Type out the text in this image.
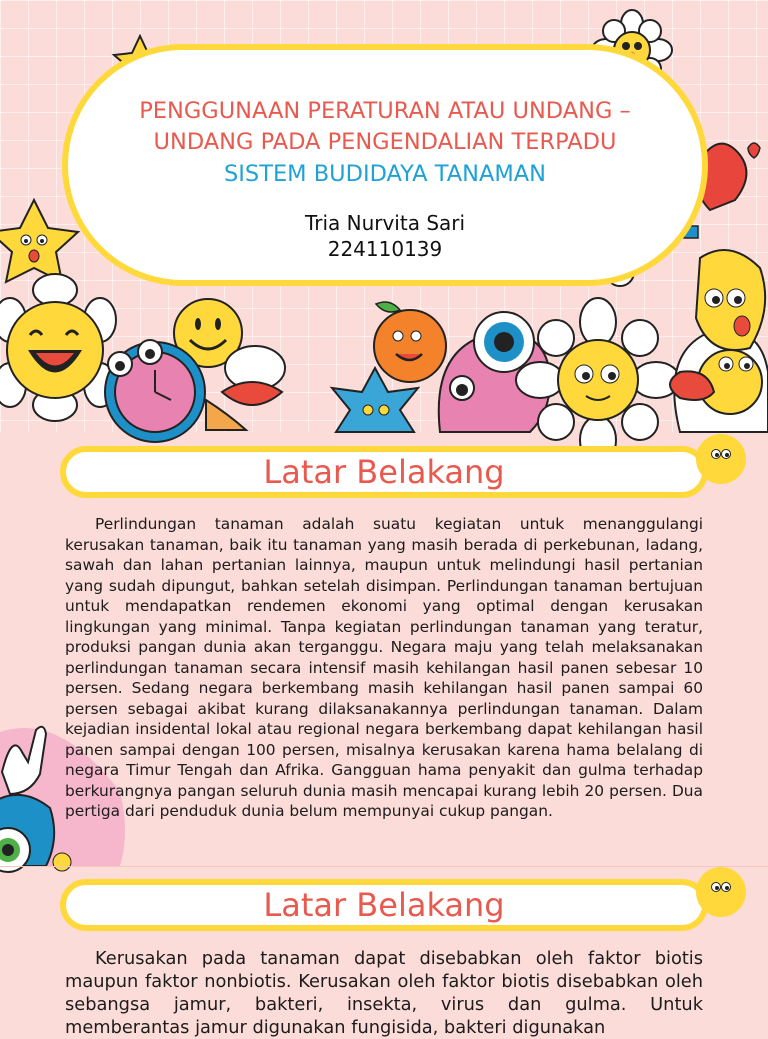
PENGGUNAAN PERATURAN ATAU UNDANG –
UNDANG PADA PENGENDALIAN TERPADU
SISTEM BUDIDAYA TANAMAN
Tria Nurvita Sari
224110139
Latar Belakang

Perlindungan tanaman adalah suatu kegiatan untuk menanggulangi kerusakan tanaman, baik itu tanaman yang masih berada di perkebunan, ladang, sawah dan lahan pertanian lainnya, maupun untuk melindungi hasil pertanian yang sudah dipungut, bahkan setelah disimpan. Perlindungan tanaman bertujuan untuk mendapatkan rendemen ekonomi yang optimal dengan kerusakan lingkungan yang minimal. Tanpa kegiatan perlindungan tanaman yang teratur, produksi pangan dunia akan terganggu. Negara maju yang telah melaksanakan perlindungan tanaman secara intensif masih kehilangan hasil panen sebesar 10 persen. Sedang negara berkembang masih kehilangan hasil panen sampai 60 persen sebagai akibat kurang dilaksanakannya perlindungan tanaman. Dalam kejadian insidental lokal atau regional negara berkembang dapat kehilangan hasil panen sampai dengan 100 persen, misalnya kerusakan karena hama belalang di negara Timur Tengah dan Afrika. Gangguan hama penyakit dan gulma terhadap berkurangnya pangan seluruh dunia masih mencapai kurang lebih 20 persen. Dua pertiga dari penduduk dunia belum mempunyai cukup pangan.

Latar Belakang

Kerusakan pada tanaman dapat disebabkan oleh faktor biotis maupun faktor nonbiotis. Kerusakan oleh faktor biotis disebabkan oleh sebangsa jamur, bakteri, insekta, virus dan gulma. Untuk memberantas jamur digunakan fungisida, bakteri digunakan
